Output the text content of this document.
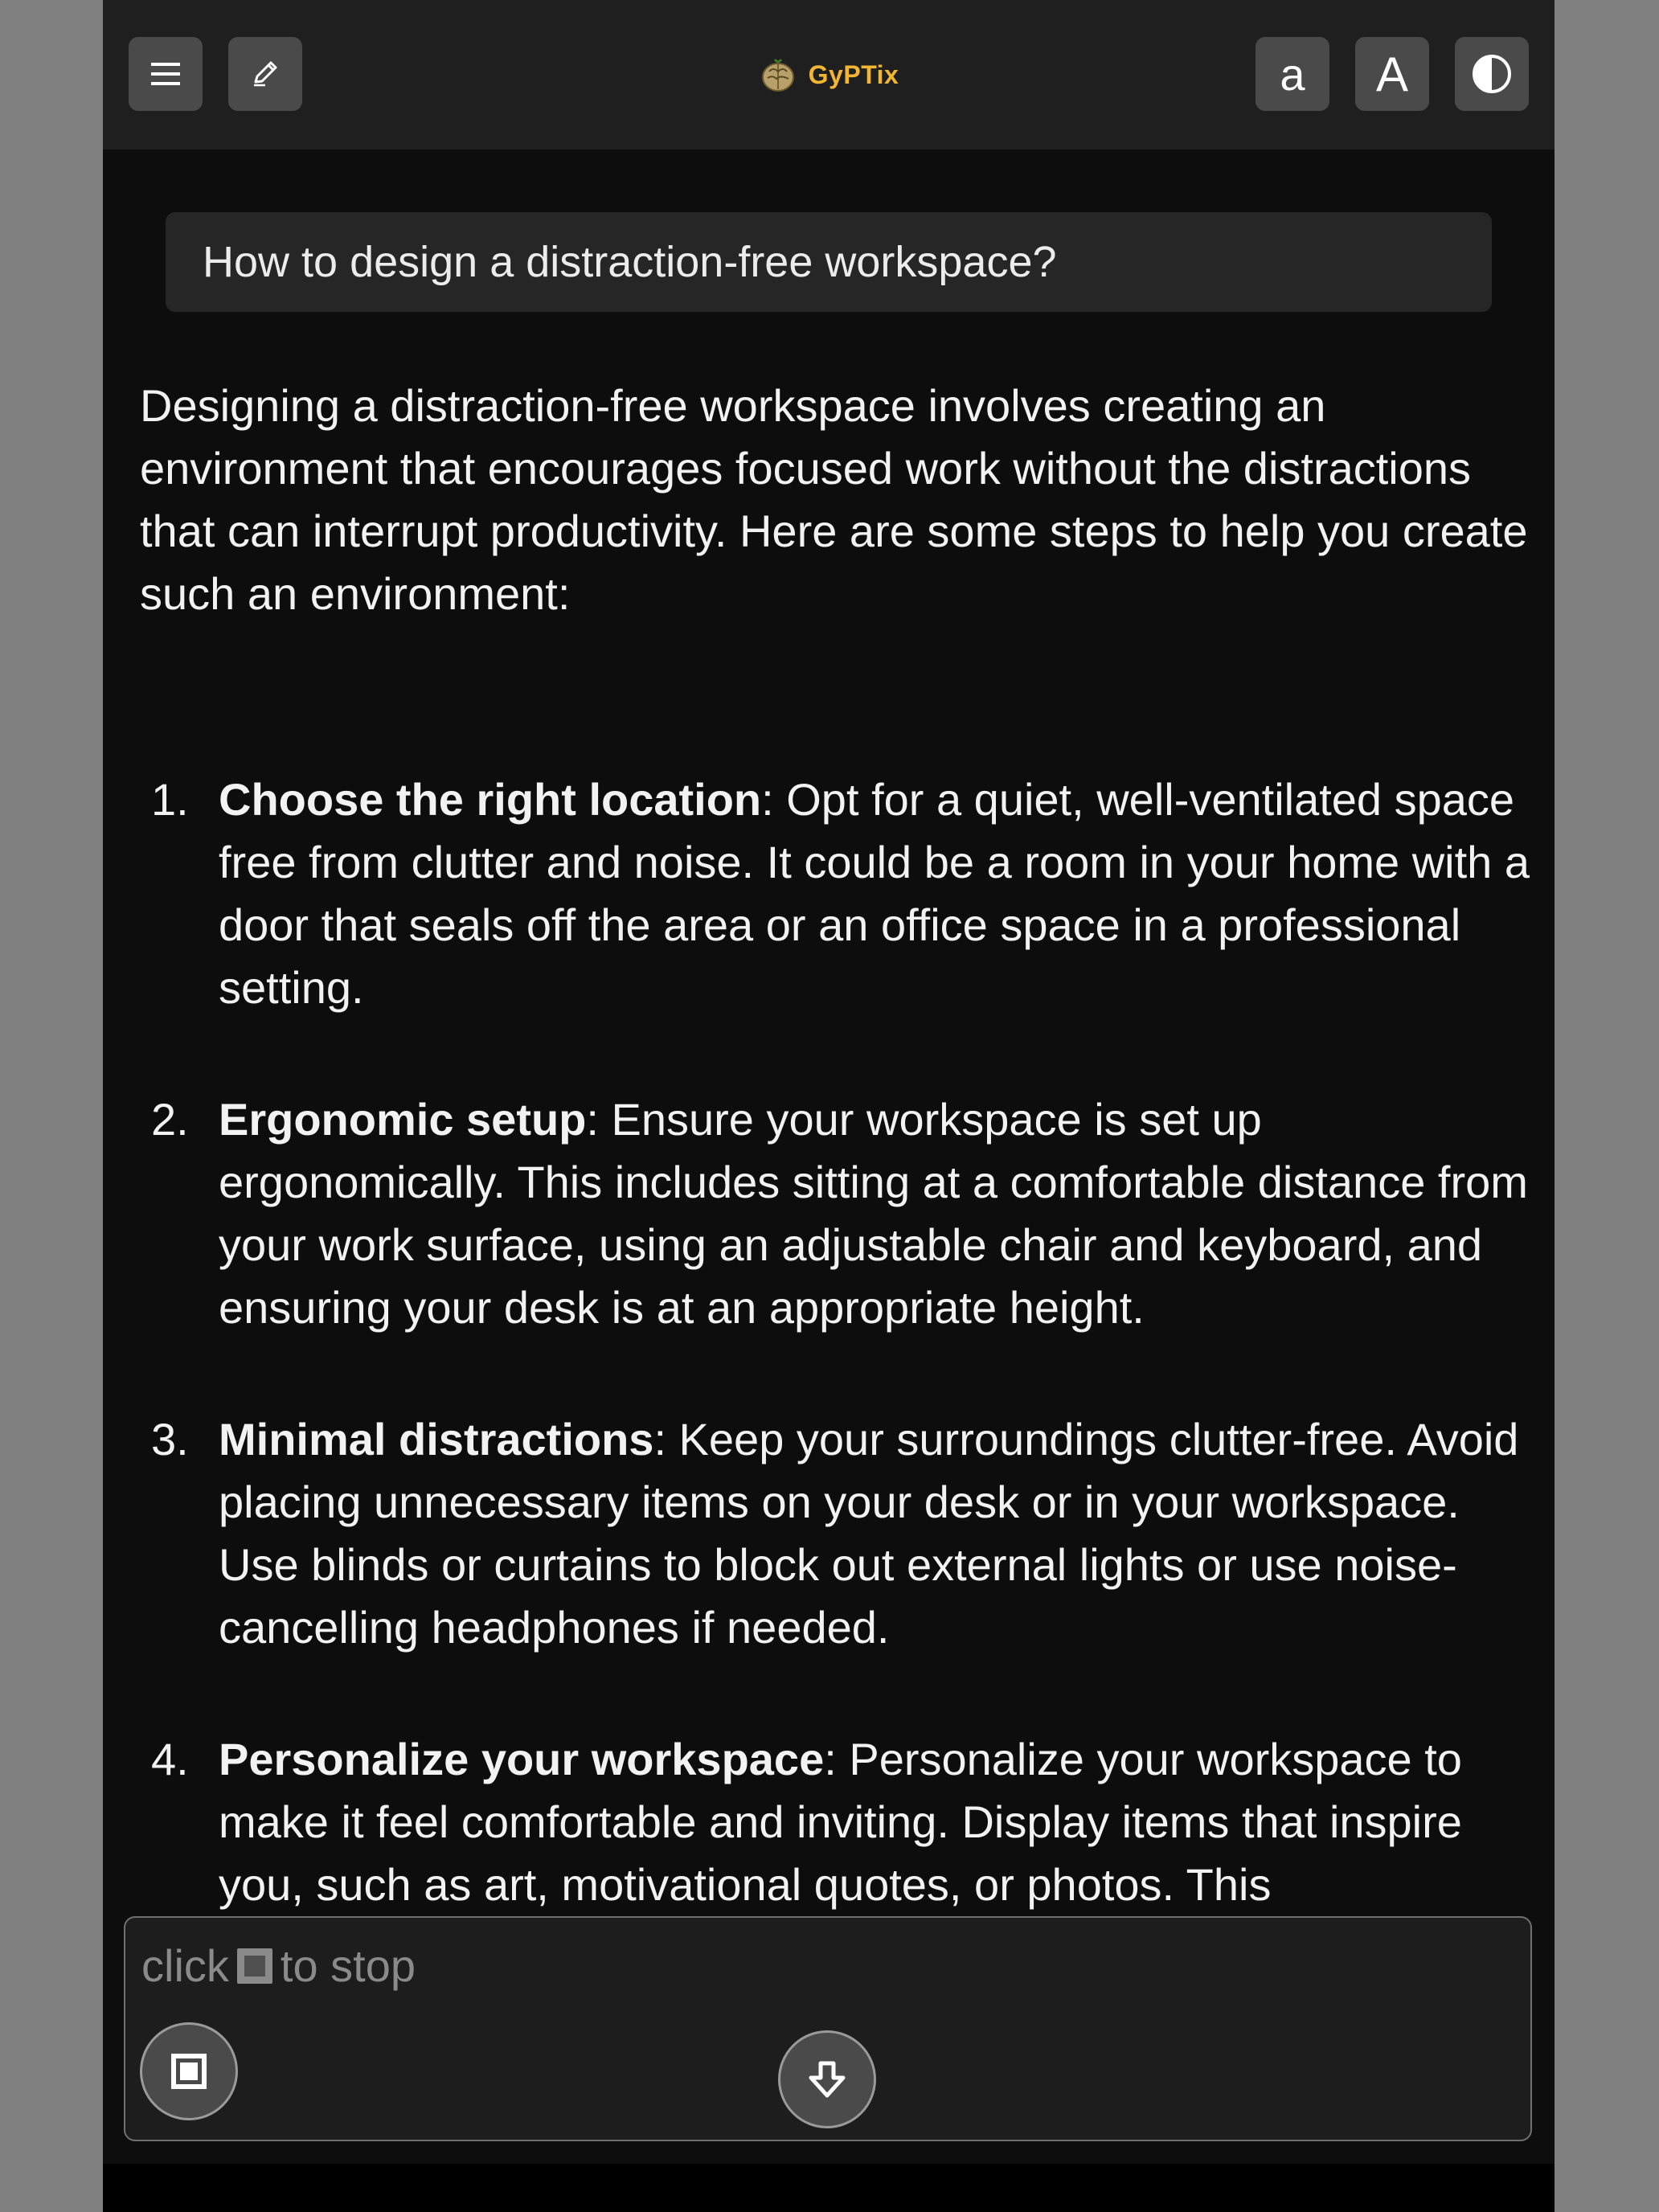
GyPTix	a A
How to design a distraction-free workspace?

Designing a distraction-free workspace involves creating an environment that encourages focused work without the distractions that can interrupt productivity. Here are some steps to help you create such an environment:

1. Choose the right location: Opt for a quiet, well-ventilated space free from clutter and noise. It could be a room in your home with a door that seals off the area or an office space in a professional setting.
2. Ergonomic setup: Ensure your workspace is set up ergonomically. This includes sitting at a comfortable distance from your work surface, using an adjustable chair and keyboard, and ensuring your desk is at an appropriate height.
3. Minimal distractions: Keep your surroundings clutter-free. Avoid placing unnecessary items on your desk or in your workspace. Use blinds or curtains to block out external lights or use noise-cancelling headphones if needed.
4. Personalize your workspace: Personalize your workspace to make it feel comfortable and inviting. Display items that inspire you, such as art, motivational quotes, or photos. This
click to stop
